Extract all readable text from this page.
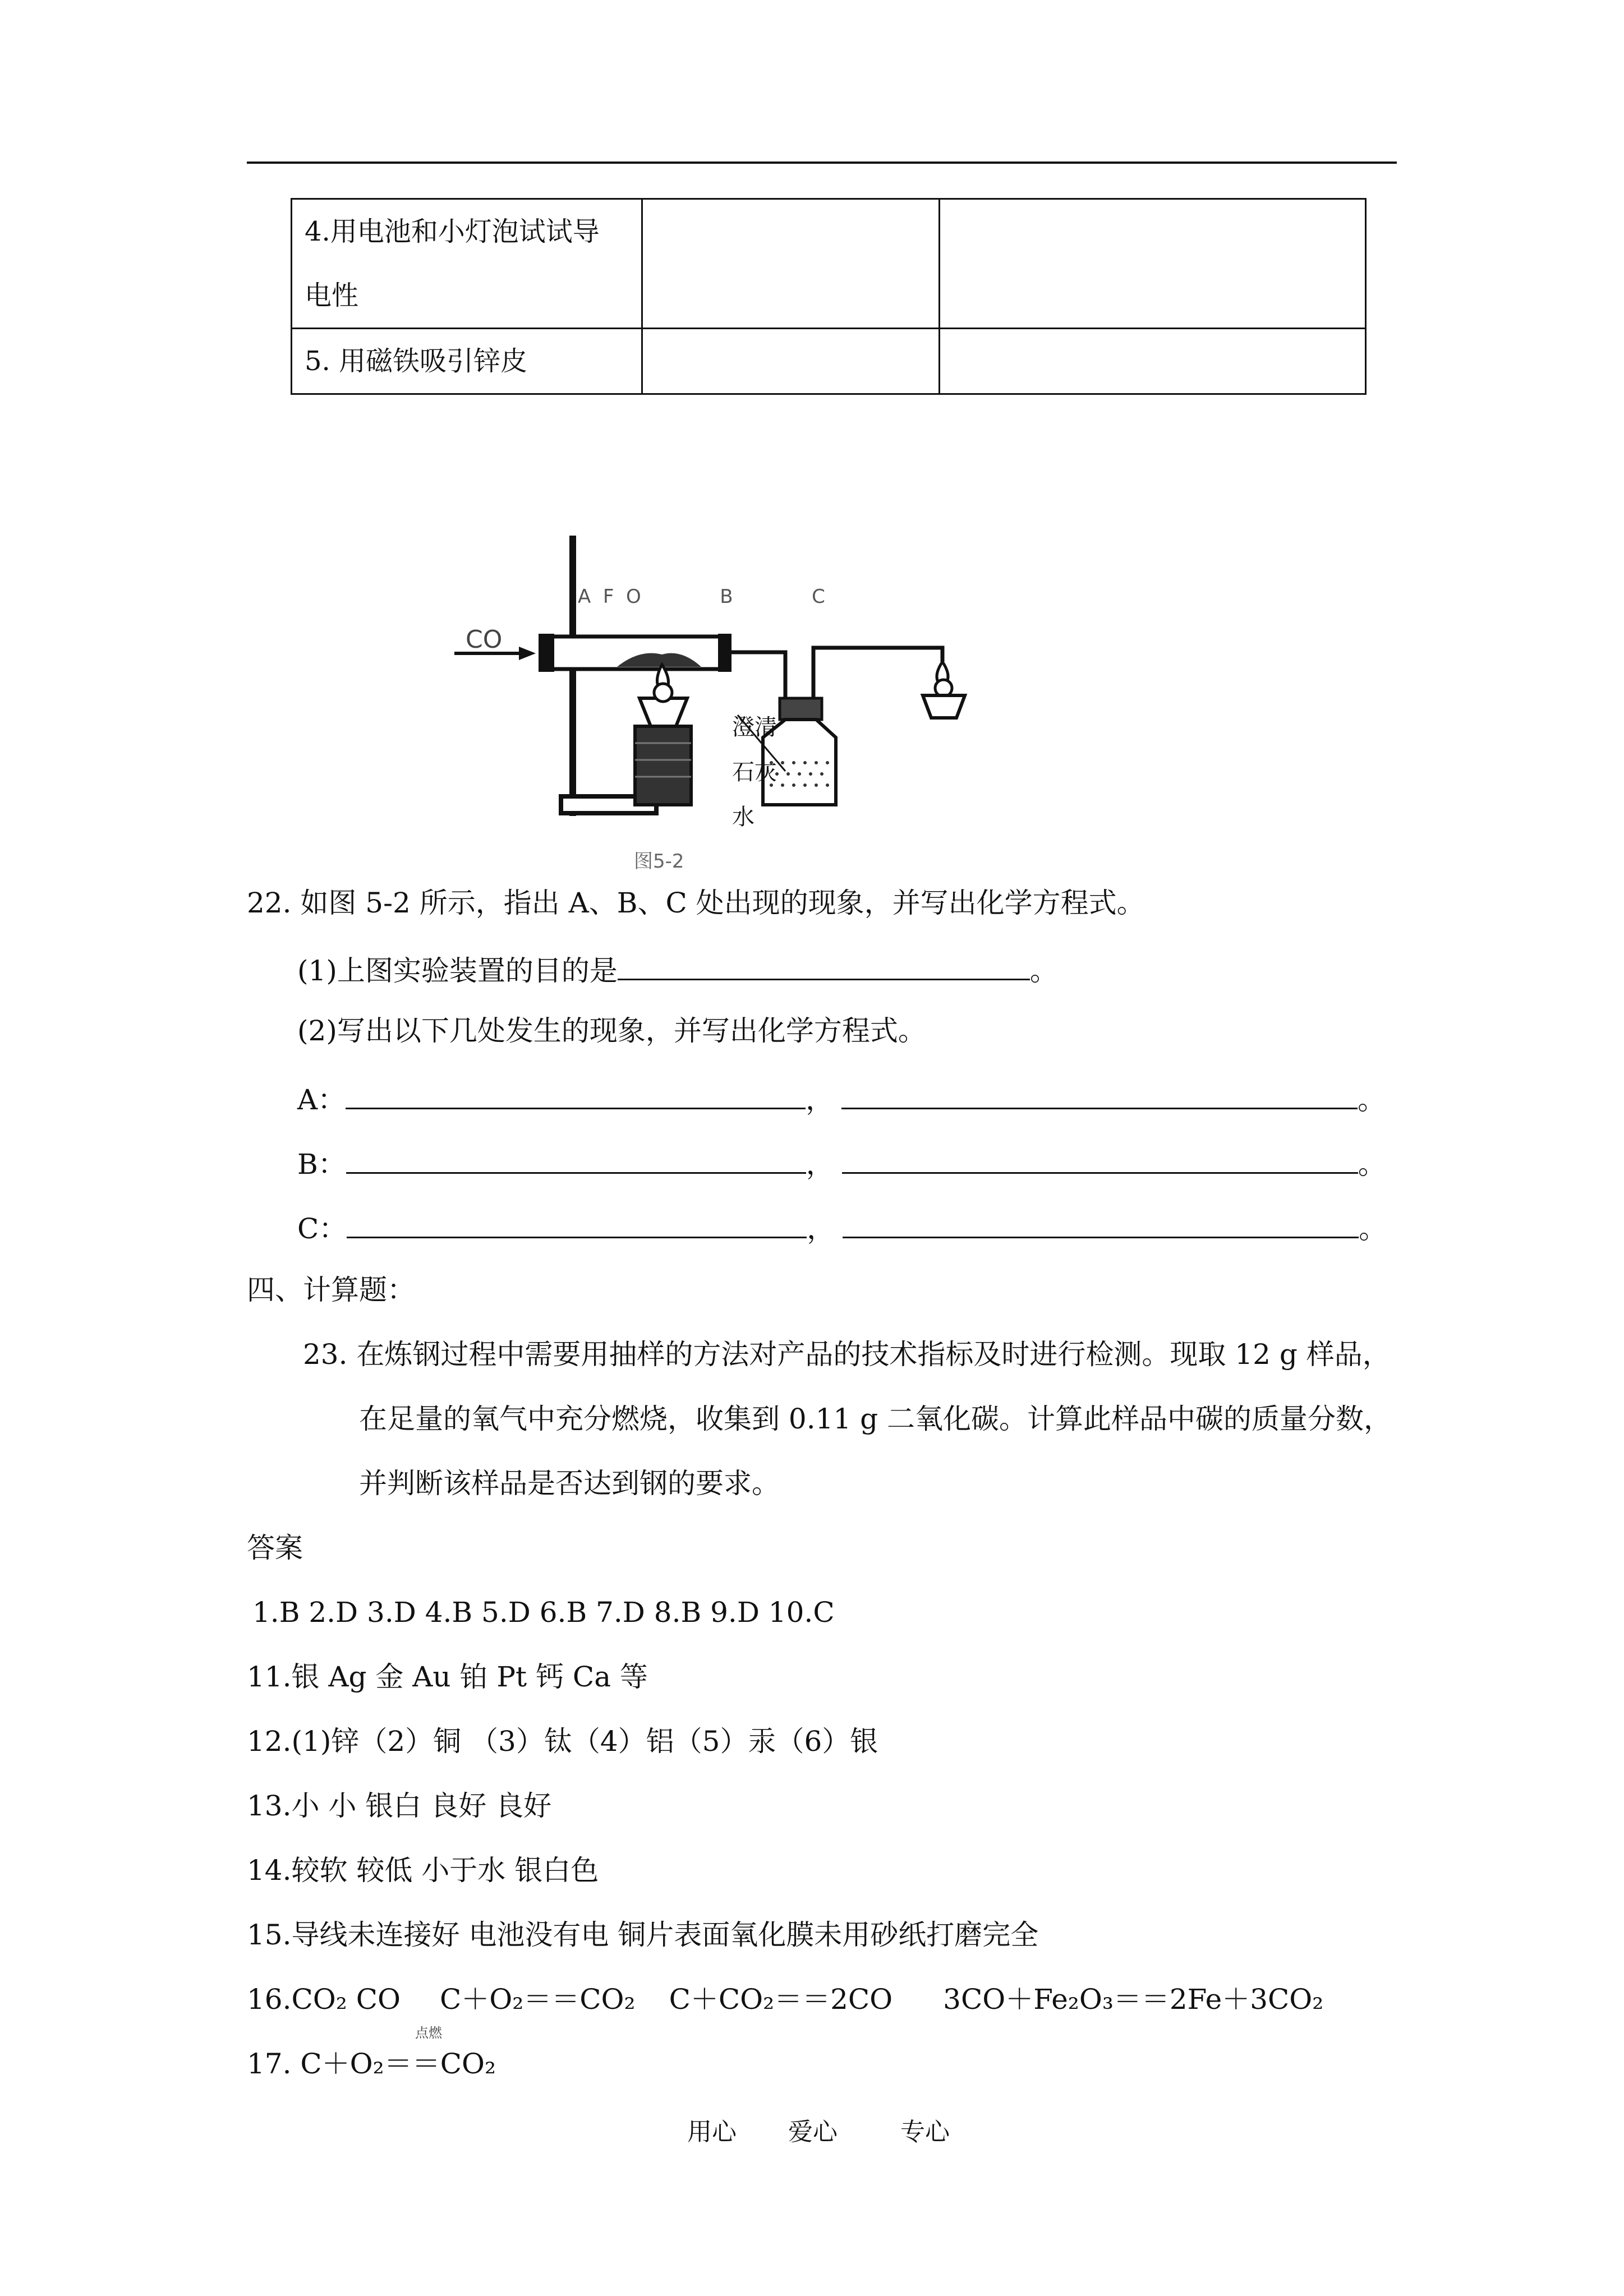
4.用电池和小灯泡试试导
电性		

5. 用磁铁吸引锌皮		
CO
A  F  O             B             C
澄清
石灰
水
图5-2
22. 如图 5-2 所示，指出 A、B、C 处出现的现象，并写出化学方程式。
(1)上图实验装置的目的是	。
(2)写出以下几处发生的现象，并写出化学方程式。
A：	，	。
B：	，	。
C：	，	。
四、计算题：
23. 在炼钢过程中需要用抽样的方法对产品的技术指标及时进行检测。现取 12 g 样品，
在足量的氧气中充分燃烧，收集到 0.11 g 二氧化碳。计算此样品中碳的质量分数，
并判断该样品是否达到钢的要求。
答案
1.B 2.D 3.D 4.B 5.D 6.B 7.D 8.B 9.D 10.C
11.银 Ag 金 Au 铂 Pt 钙 Ca 等
12.(1)锌（2）铜 （3）钛（4）铝（5）汞（6）银
13.小 小 银白 良好 良好
14.较软 较低 小于水 银白色
15.导线未连接好 电池没有电 铜片表面氧化膜未用砂纸打磨完全
16.CO₂ CO C＋O₂＝＝CO₂ C＋CO₂＝＝2CO 3CO＋Fe₂O₃＝＝2Fe＋3CO₂
点燃
17. C＋O₂＝＝CO₂
用心 爱心	专心
